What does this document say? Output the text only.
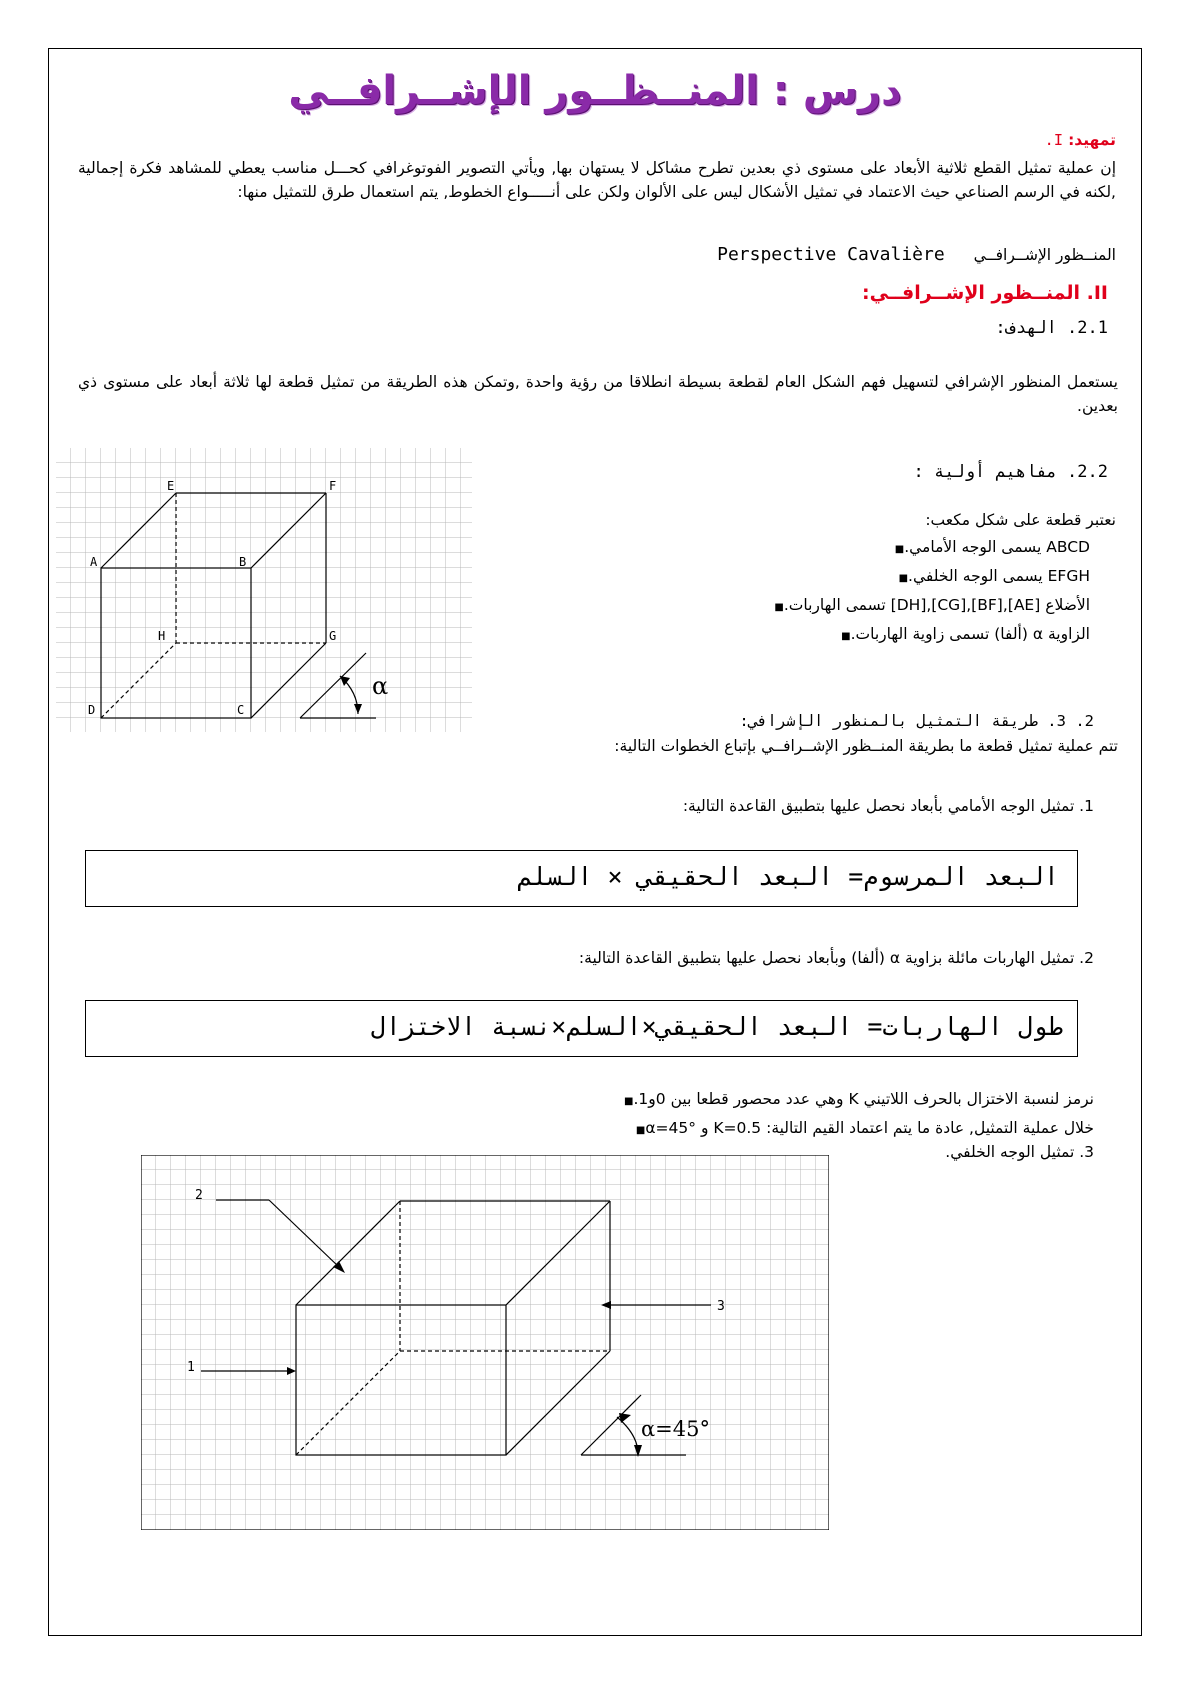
درس : المنــظــور الإشــرافــي
تمهيد: I.
إن عملية تمثيل القطع ثلاثية الأبعاد على مستوى ذي بعدين تطرح مشاكل لا يستهان بها, ويأتي التصوير الفوتوغرافي كحـــل مناسب يعطي للمشاهد فكرة إجمالية ,لكنه في الرسم الصناعي حيث الاعتماد في تمثيل الأشكال ليس على الألوان ولكن على أنـــــواع الخطوط, يتم استعمال طرق للتمثيل منها:
المنــظور الإشــرافــي Perspective Cavalière
II. المنــظور الإشــرافــي:
2.1. الهدف:
يستعمل المنظور الإشرافي لتسهيل فهم الشكل العام لقطعة بسيطة انطلاقا من رؤية واحدة ,وتمكن هذه الطريقة من تمثيل قطعة لها ثلاثة أبعاد على مستوى ذي بعدين.
A	B
C
D
E	F
G
H
α
2.2. مفاهيم أولية :
نعتبر قطعة على شكل مكعب:
ABCD يسمى الوجه الأمامي.■
EFGH يسمى الوجه الخلفي.■
الأضلاع [AE],[BF],[CG],[DH] تسمى الهاربات.■
الزاوية α (ألفا) تسمى زاوية الهاربات.■
2. 3. طريقة التمثيل بالمنظور الإشرافي:
تتم عملية تمثيل قطعة ما بطريقة المنــظور الإشــرافــي بإتباع الخطوات التالية:
1. تمثيل الوجه الأمامي بأبعاد نحصل عليها بتطبيق القاعدة التالية:
البعد المرسوم= البعد الحقيقي × السلم
2. تمثيل الهاربات مائلة بزاوية α (ألفا) وبأبعاد نحصل عليها بتطبيق القاعدة التالية:
طول الهاربات= البعد الحقيقي×السلم×نسبة الاختزال
نرمز لنسبة الاختزال بالحرف اللاتيني K وهي عدد محصور قطعا بين 0و1.■
خلال عملية التمثيل, عادة ما يتم اعتماد القيم التالية: K=0.5 و α=45°■
3. تمثيل الوجه الخلفي.
2
1
3
α=45°
